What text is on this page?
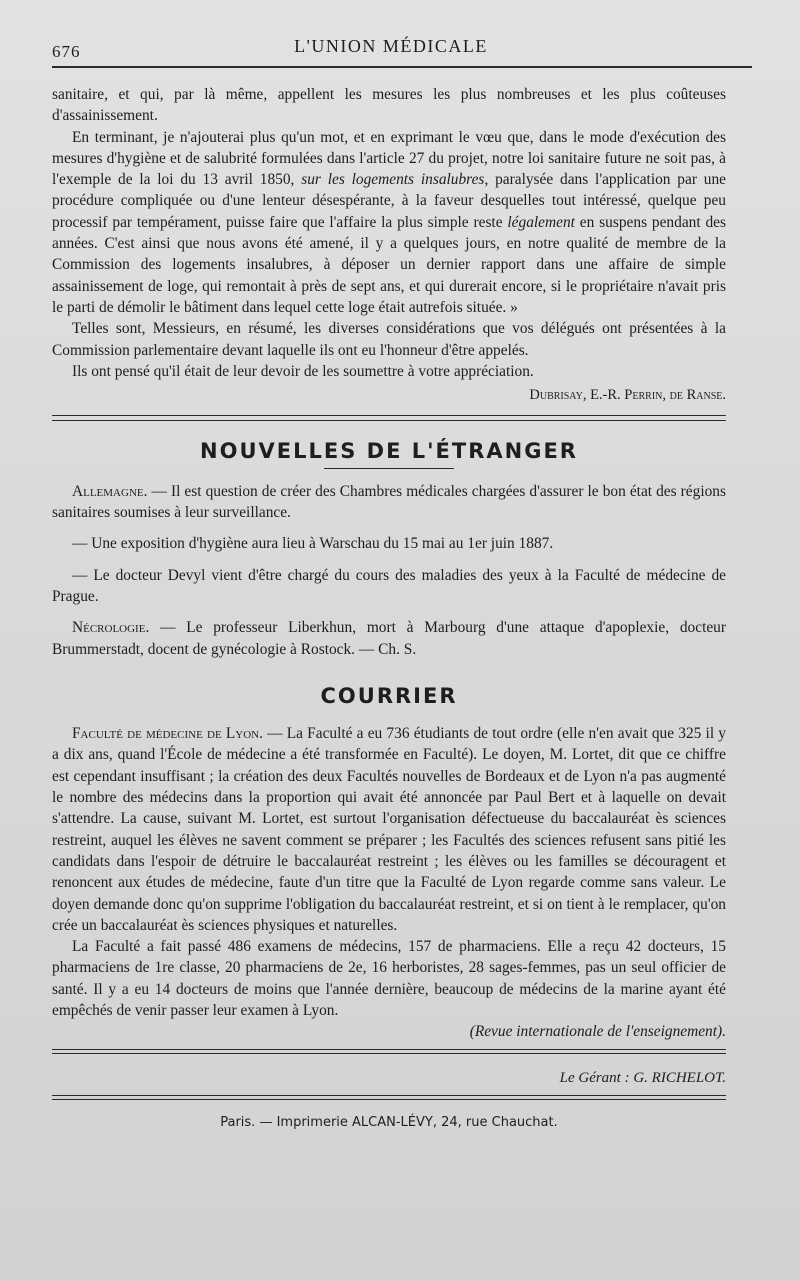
676	L'UNION MÉDICALE

sanitaire, et qui, par là même, appellent les mesures les plus nombreuses et les plus coûteuses d'assainissement.

En terminant, je n'ajouterai plus qu'un mot, et en exprimant le vœu que, dans le mode d'exécution des mesures d'hygiène et de salubrité formulées dans l'article 27 du projet, notre loi sanitaire future ne soit pas, à l'exemple de la loi du 13 avril 1850, sur les logements insalubres, paralysée dans l'application par une procédure compliquée ou d'une lenteur désespérante, à la faveur desquelles tout intéressé, quelque peu processif par tempérament, puisse faire que l'affaire la plus simple reste légalement en suspens pendant des années. C'est ainsi que nous avons été amené, il y a quelques jours, en notre qualité de membre de la Commission des logements insalubres, à déposer un dernier rapport dans une affaire de simple assainissement de loge, qui remontait à près de sept ans, et qui durerait encore, si le propriétaire n'avait pris le parti de démolir le bâtiment dans lequel cette loge était autrefois située. »

Telles sont, Messieurs, en résumé, les diverses considérations que vos délégués ont présentées à la Commission parlementaire devant laquelle ils ont eu l'honneur d'être appelés.

Ils ont pensé qu'il était de leur devoir de les soumettre à votre appréciation.

Dubrisay, E.-R. Perrin, de Ranse.
NOUVELLES DE L'ÉTRANGER

Allemagne. — Il est question de créer des Chambres médicales chargées d'assurer le bon état des régions sanitaires soumises à leur surveillance.

— Une exposition d'hygiène aura lieu à Warschau du 15 mai au 1er juin 1887.

— Le docteur Devyl vient d'être chargé du cours des maladies des yeux à la Faculté de médecine de Prague.

Nécrologie. — Le professeur Liberkhun, mort à Marbourg d'une attaque d'apoplexie, docteur Brummerstadt, docent de gynécologie à Rostock. — Ch. S.

COURRIER

Faculté de médecine de Lyon. — La Faculté a eu 736 étudiants de tout ordre (elle n'en avait que 325 il y a dix ans, quand l'École de médecine a été transformée en Faculté). Le doyen, M. Lortet, dit que ce chiffre est cependant insuffisant ; la création des deux Facultés nouvelles de Bordeaux et de Lyon n'a pas augmenté le nombre des médecins dans la proportion qui avait été annoncée par Paul Bert et à laquelle on devait s'attendre. La cause, suivant M. Lortet, est surtout l'organisation défectueuse du baccalauréat ès sciences restreint, auquel les élèves ne savent comment se préparer ; les Facultés des sciences refusent sans pitié les candidats dans l'espoir de détruire le baccalauréat restreint ; les élèves ou les familles se découragent et renoncent aux études de médecine, faute d'un titre que la Faculté de Lyon regarde comme sans valeur. Le doyen demande donc qu'on supprime l'obligation du baccalauréat restreint, et si on tient à le remplacer, qu'on crée un baccalauréat ès sciences physiques et naturelles.

La Faculté a fait passé 486 examens de médecins, 157 de pharmaciens. Elle a reçu 42 docteurs, 15 pharmaciens de 1re classe, 20 pharmaciens de 2e, 16 herboristes, 28 sages-femmes, pas un seul officier de santé. Il y a eu 14 docteurs de moins que l'année dernière, beaucoup de médecins de la marine ayant été empêchés de venir passer leur examen à Lyon.

(Revue internationale de l'enseignement).
Le Gérant : G. RICHELOT.
Paris. — Imprimerie ALCAN-LÉVY, 24, rue Chauchat.
